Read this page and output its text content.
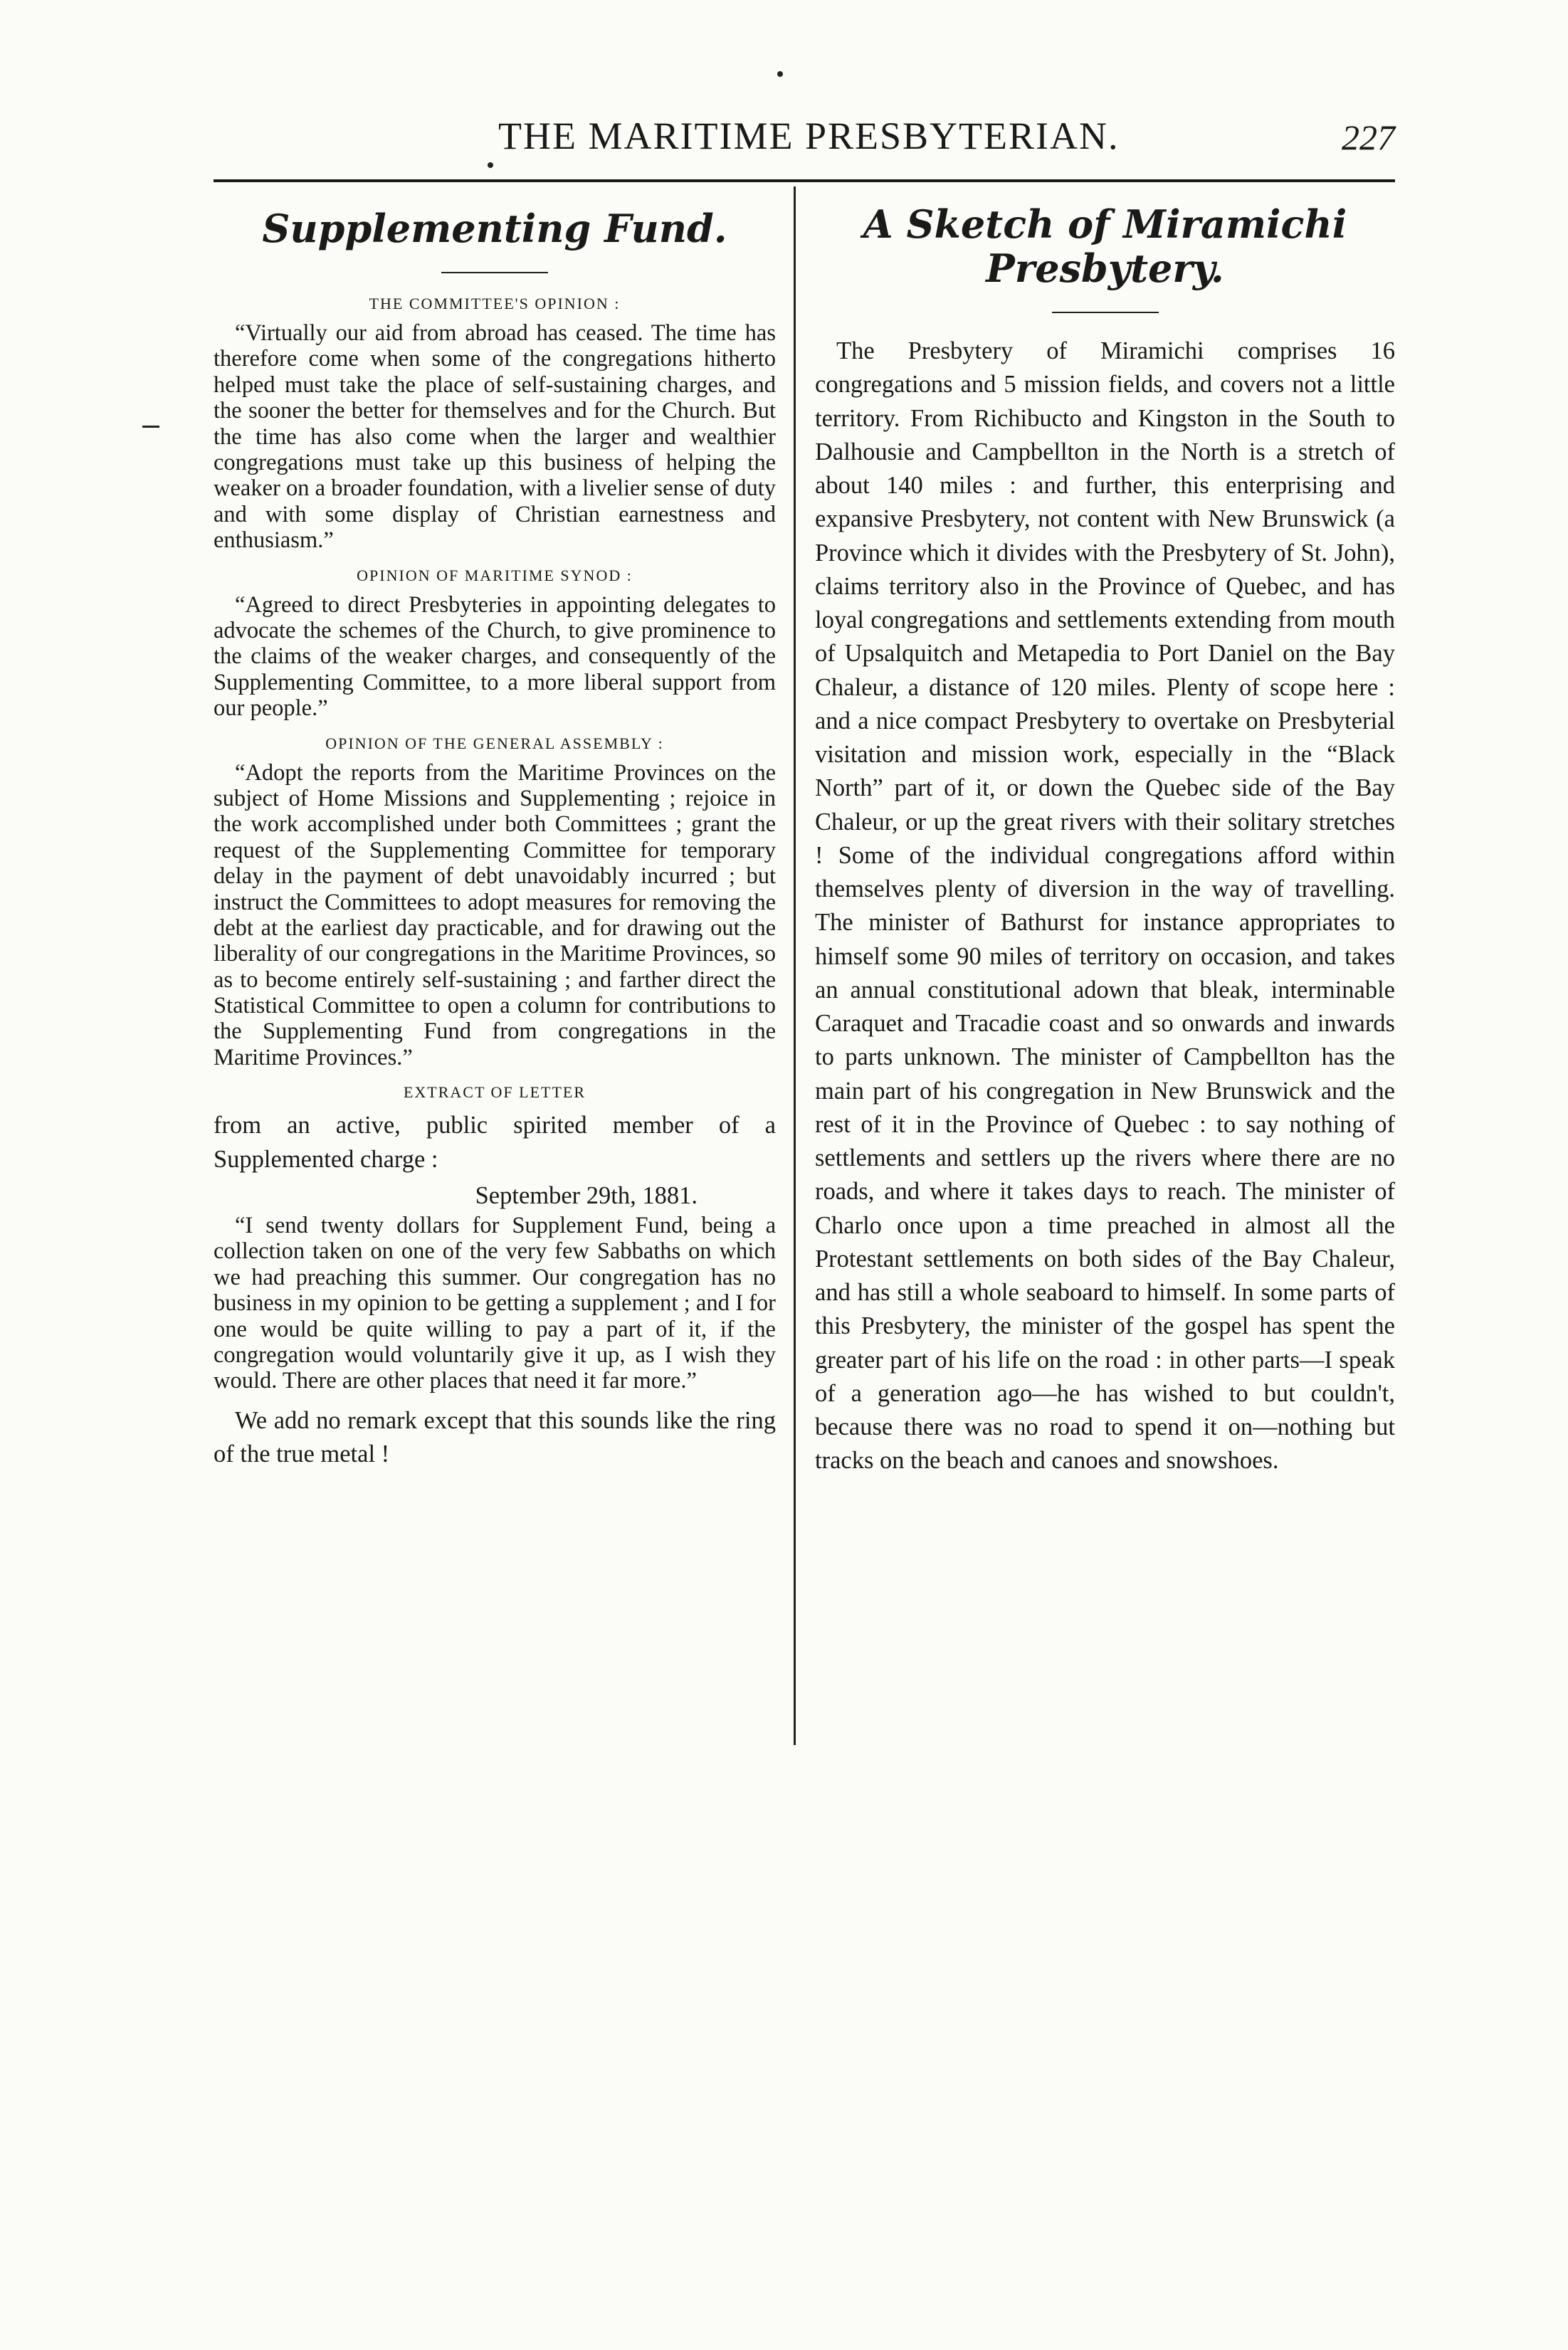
THE MARITIME PRESBYTERIAN.	227
Supplementing Fund.
THE COMMITTEE'S OPINION :
“Virtually our aid from abroad has ceased. The time has therefore come when some of the congregations hitherto helped must take the place of self-sustaining charges, and the sooner the better for themselves and for the Church. But the time has also come when the larger and wealthier congregations must take up this business of helping the weaker on a broader foundation, with a livelier sense of duty and with some display of Christian earnestness and enthusiasm.”
OPINION OF MARITIME SYNOD :
“Agreed to direct Presbyteries in appointing delegates to advocate the schemes of the Church, to give prominence to the claims of the weaker charges, and consequently of the Supplementing Committee, to a more liberal support from our people.”
OPINION OF THE GENERAL ASSEMBLY :
“Adopt the reports from the Maritime Provinces on the subject of Home Missions and Supplementing ; rejoice in the work accomplished under both Committees ; grant the request of the Supplementing Committee for temporary delay in the payment of debt unavoidably incurred ; but instruct the Committees to adopt measures for removing the debt at the earliest day practicable, and for drawing out the liberality of our congregations in the Maritime Provinces, so as to become entirely self-sustaining ; and farther direct the Statistical Committee to open a column for contributions to the Supplementing Fund from congregations in the Maritime Provinces.”
EXTRACT OF LETTER
from an active, public spirited member of a Supplemented charge :
September 29th, 1881.
“I send twenty dollars for Supplement Fund, being a collection taken on one of the very few Sabbaths on which we had preaching this summer. Our congregation has no business in my opinion to be getting a supplement ; and I for one would be quite willing to pay a part of it, if the congregation would voluntarily give it up, as I wish they would. There are other places that need it far more.”
We add no remark except that this sounds like the ring of the true metal !
A Sketch of Miramichi Presbytery.
The Presbytery of Miramichi comprises 16 congregations and 5 mission fields, and covers not a little territory. From Richibucto and Kingston in the South to Dalhousie and Campbellton in the North is a stretch of about 140 miles : and further, this enterprising and expansive Presbytery, not content with New Brunswick (a Province which it divides with the Presbytery of St. John), claims territory also in the Province of Quebec, and has loyal congregations and settlements extending from mouth of Upsalquitch and Metapedia to Port Daniel on the Bay Chaleur, a distance of 120 miles. Plenty of scope here : and a nice compact Presbytery to overtake on Presbyterial visitation and mission work, especially in the “Black North” part of it, or down the Quebec side of the Bay Chaleur, or up the great rivers with their solitary stretches ! Some of the individual congregations afford within themselves plenty of diversion in the way of travelling. The minister of Bathurst for instance appropriates to himself some 90 miles of territory on occasion, and takes an annual constitutional adown that bleak, interminable Caraquet and Tracadie coast and so onwards and inwards to parts unknown. The minister of Campbellton has the main part of his congregation in New Brunswick and the rest of it in the Province of Quebec : to say nothing of settlements and settlers up the rivers where there are no roads, and where it takes days to reach. The minister of Charlo once upon a time preached in almost all the Protestant settlements on both sides of the Bay Chaleur, and has still a whole seaboard to himself. In some parts of this Presbytery, the minister of the gospel has spent the greater part of his life on the road : in other parts—I speak of a generation ago—he has wished to but couldn't, because there was no road to spend it on—nothing but tracks on the beach and canoes and snowshoes.
